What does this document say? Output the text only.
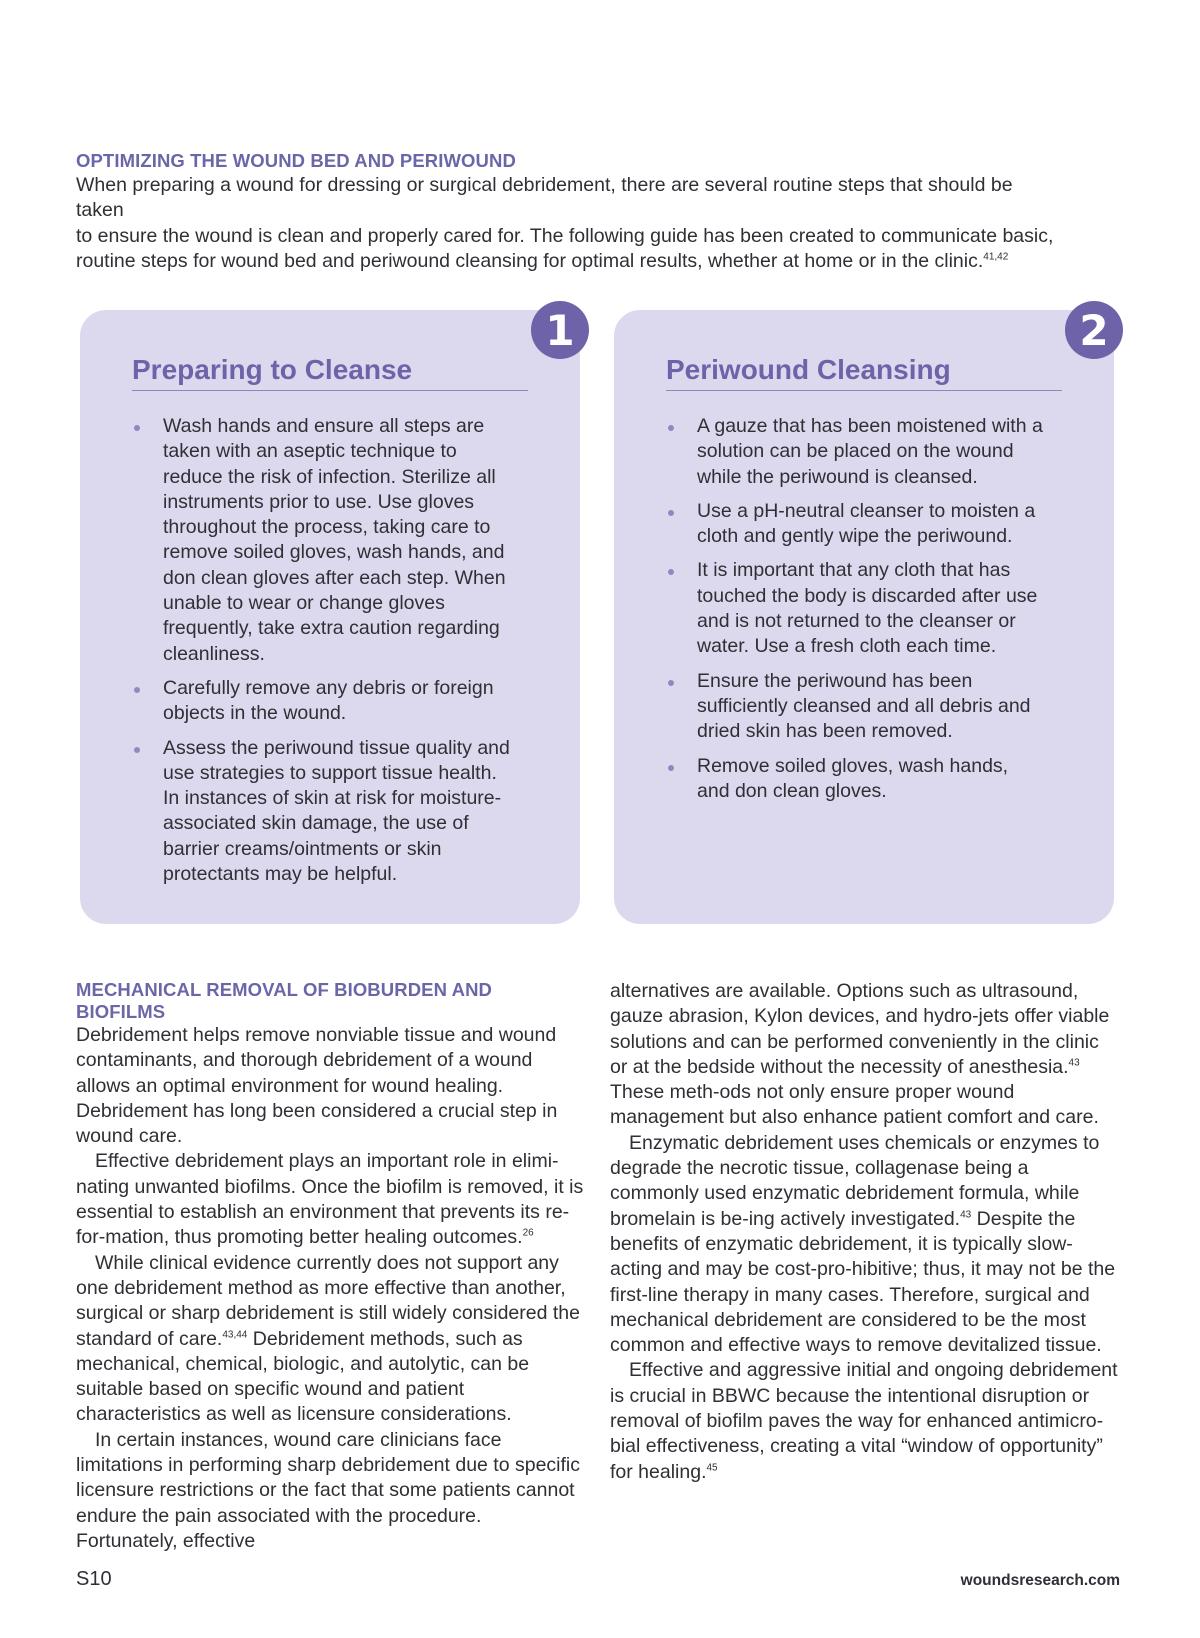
OPTIMIZING THE WOUND BED AND PERIWOUND

When preparing a wound for dressing or surgical debridement, there are several routine steps that should be taken
to ensure the wound is clean and properly cared for. The following guide has been created to communicate basic,
routine steps for wound bed and periwound cleansing for optimal results, whether at home or in the clinic.$^{41,42}$

1
Preparing to Cleanse
Wash hands and ensure all steps are taken with an aseptic technique to reduce the risk of infection. Sterilize all instruments prior to use. Use gloves throughout the process, taking care to remove soiled gloves, wash hands, and don clean gloves after each step. When unable to wear or change gloves frequently, take extra caution regarding cleanliness.
Carefully remove any debris or foreign objects in the wound.
Assess the periwound tissue quality and use strategies to support tissue health. In instances of skin at risk for moisture-associated skin damage, the use of barrier creams/ointments or skin protectants may be helpful.
2
Periwound Cleansing
A gauze that has been moistened with a solution can be placed on the wound while the periwound is cleansed.
Use a pH-neutral cleanser to moisten a cloth and gently wipe the periwound.
It is important that any cloth that has touched the body is discarded after use and is not returned to the cleanser or water. Use a fresh cloth each time.
Ensure the periwound has been sufficiently cleansed and all debris and dried skin has been removed.
Remove soiled gloves, wash hands, and don clean gloves.
MECHANICAL REMOVAL OF BIOBURDEN AND BIOFILMS

Debridement helps remove nonviable tissue and wound contaminants, and thorough debridement of a wound allows an optimal environment for wound healing. Debridement has long been considered a crucial step in wound care.

Effective debridement plays an important role in elimi-nating unwanted biofilms. Once the biofilm is removed, it is essential to establish an environment that prevents its re-for-mation, thus promoting better healing outcomes.$^{26}$

While clinical evidence currently does not support any one debridement method as more effective than another, surgical or sharp debridement is still widely considered the standard of care.$^{43,44}$ Debridement methods, such as mechanical, chemical, biologic, and autolytic, can be suitable based on specific wound and patient characteristics as well as licensure considerations.

In certain instances, wound care clinicians face limitations in performing sharp debridement due to specific licensure restrictions or the fact that some patients cannot endure the pain associated with the procedure. Fortunately, effective

alternatives are available. Options such as ultrasound, gauze abrasion, Kylon devices, and hydro-jets offer viable solutions and can be performed conveniently in the clinic or at the bedside without the necessity of anesthesia.$^{43}$ These meth-ods not only ensure proper wound management but also enhance patient comfort and care.

Enzymatic debridement uses chemicals or enzymes to degrade the necrotic tissue, collagenase being a commonly used enzymatic debridement formula, while bromelain is be-ing actively investigated.$^{43}$ Despite the benefits of enzymatic debridement, it is typically slow-acting and may be cost-pro-hibitive; thus, it may not be the first-line therapy in many cases. Therefore, surgical and mechanical debridement are considered to be the most common and effective ways to remove devitalized tissue.

Effective and aggressive initial and ongoing debridement is crucial in BBWC because the intentional disruption or removal of biofilm paves the way for enhanced antimicro-bial effectiveness, creating a vital “window of opportunity” for healing.$^{45}$

S10	woundsresearch.com
